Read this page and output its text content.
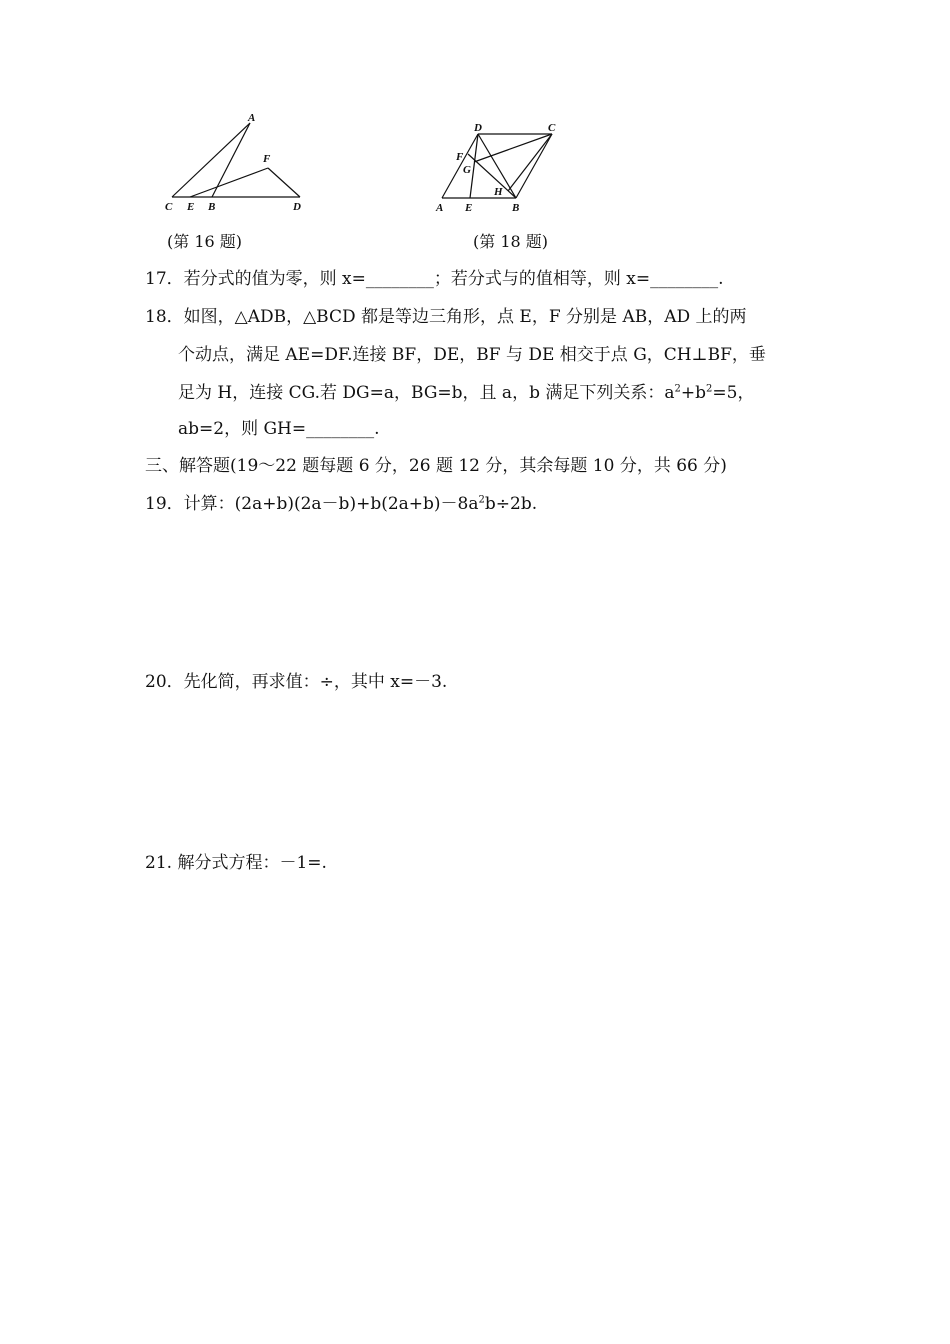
A
F
C E B	D
(第 16 题)
D	C
F
G
H
A E	B
(第 18 题)
17．若分式的值为零，则 x=________；若分式与的值相等，则 x=________.
18．如图，△ADB，△BCD 都是等边三角形，点 E，F 分别是 AB，AD 上的两
个动点，满足 AE=DF.连接 BF，DE，BF 与 DE 相交于点 G，CH⊥BF，垂
足为 H，连接 CG.若 DG=a，BG=b，且 a，b 满足下列关系：$a^2+b^2=5$，
ab=2，则 GH=________.
三、解答题(19～22 题每题 6 分，26 题 12 分，其余每题 10 分，共 66 分)
19．计算：$(2a+b)(2a-b)+b(2a+b)-8a^2b\div 2b$.
20．先化简，再求值：÷，其中 x=－3.
21. 解分式方程：－1=.
